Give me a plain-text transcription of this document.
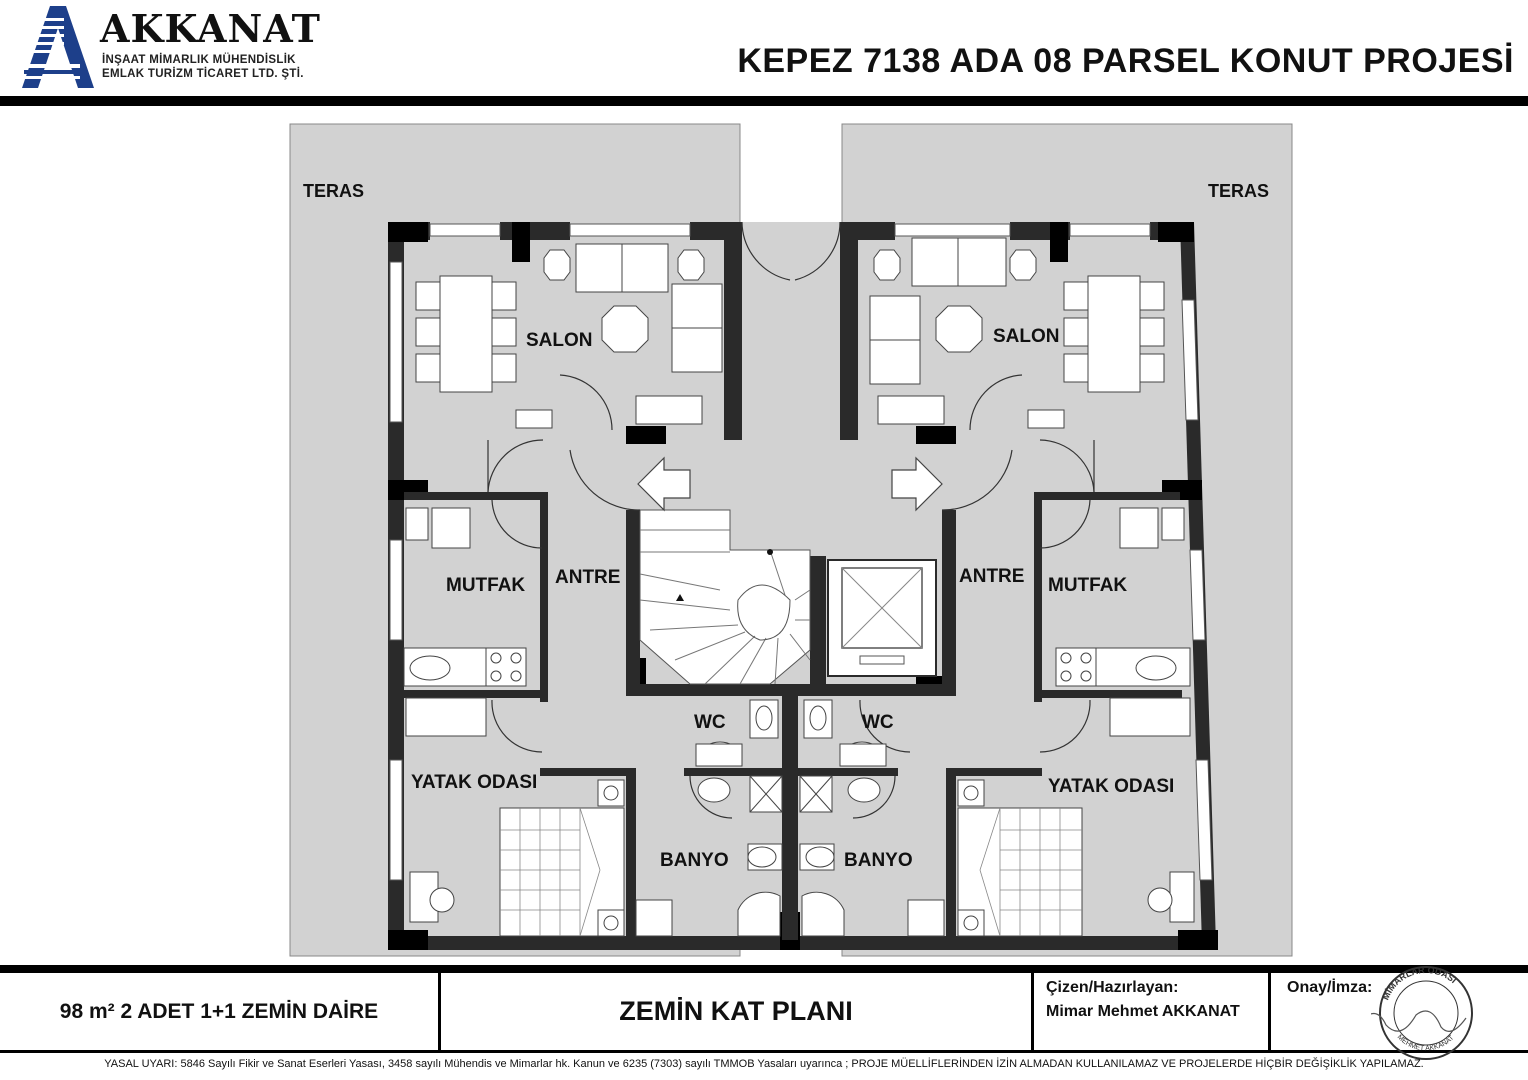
AKKANAT
İNŞAAT MİMARLIK MÜHENDİSLİK
EMLAK TURİZM TİCARET LTD. ŞTİ.	KEPEZ 7138 ADA 08 PARSEL KONUT PROJESİ
TERAS	TERAS
SALON	SALON
MUTFAK	MUTFAK
ANTRE	ANTRE
WC	WC
YATAK ODASI	YATAK ODASI
BANYO	BANYO
98 m² 2 ADET 1+1 ZEMİN DAİRE	ZEMİN KAT PLANI
Çizen/Hazırlayan:
Mimar Mehmet AKKANAT
Onay/İmza: MİMARLAR ODASI
MEHMET AKKANAT
YASAL UYARI: 5846 Sayılı Fikir ve Sanat Eserleri Yasası, 3458 sayılı Mühendis ve Mimarlar hk. Kanun ve 6235 (7303) sayılı TMMOB Yasaları uyarınca ; PROJE MÜELLİFLERİNDEN İZİN ALMADAN KULLANILAMAZ VE PROJELERDE HİÇBİR DEĞİŞİKLİK YAPILAMAZ.
